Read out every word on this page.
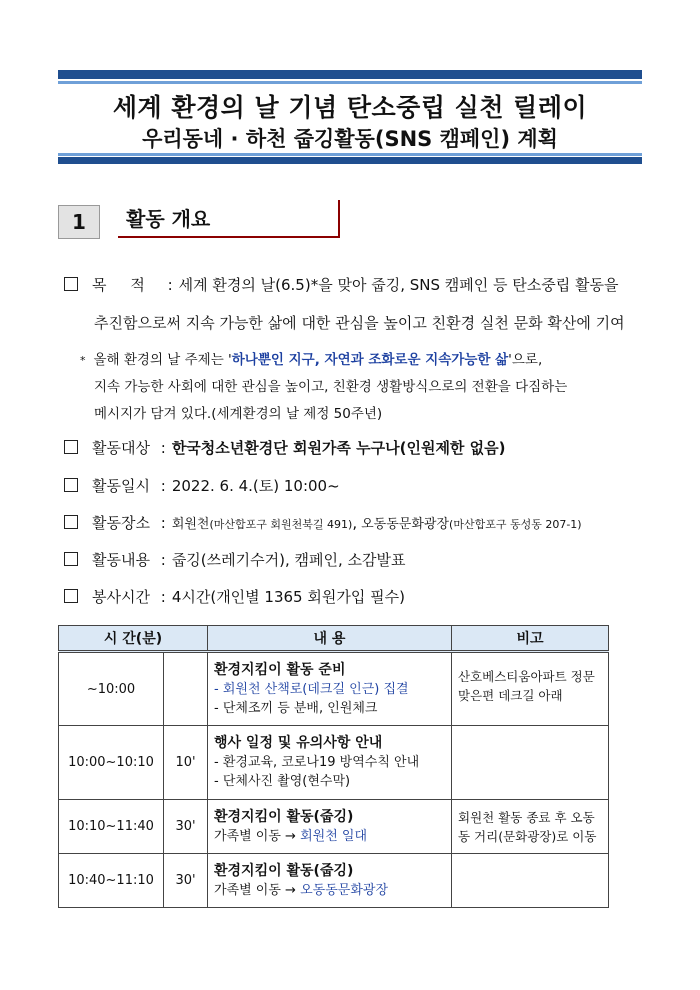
세계 환경의 날 기념 탄소중립 실천 릴레이
우리동네 · 하천 줍깅활동(SNS 캠페인) 계획
1	활동 개요
목     적 : 세계 환경의 날(6.5)*을 맞아 줍깅, SNS 캠페인 등 탄소중립 활동을
추진함으로써 지속 가능한 삶에 대한 관심을 높이고 친환경 실천 문화 확산에 기여
* 올해 환경의 날 주제는 '하나뿐인 지구, 자연과 조화로운 지속가능한 삶'으로,
지속 가능한 사회에 대한 관심을 높이고, 친환경 생활방식으로의 전환을 다짐하는
메시지가 담겨 있다.(세계환경의 날 제정 50주년)
활동대상 : 한국청소년환경단 회원가족 누구나(인원제한 없음)
활동일시 : 2022. 6. 4.(토) 10:00~
활동장소 : 회원천(마산합포구 회원천북길 491), 오동동문화광장(마산합포구 동성동 207-1)
활동내용 : 줍깅(쓰레기수거), 캠페인, 소감발표
봉사시간 : 4시간(개인별 1365 회원가입 필수)
시 간(분)		내 용	비고
~10:00		환경지킴이 활동 준비
- 회원천 산책로(데크길 인근) 집결
- 단체조끼 등 분배, 인원체크	산호베스티움아파트 정문 맞은편 데크길 아래
10:00~10:10	10'	행사 일정 및 유의사항 안내
- 환경교육, 코로나19 방역수칙 안내
- 단체사진 촬영(현수막)	

10:10~11:40	30'	환경지킴이 활동(줍깅)
가족별 이동 → 회원천 일대	회원천 활동 종료 후 오동동 거리(문화광장)로 이동
10:40~11:10	30'	환경지킴이 활동(줍깅)
가족별 이동 → 오동동문화광장	
